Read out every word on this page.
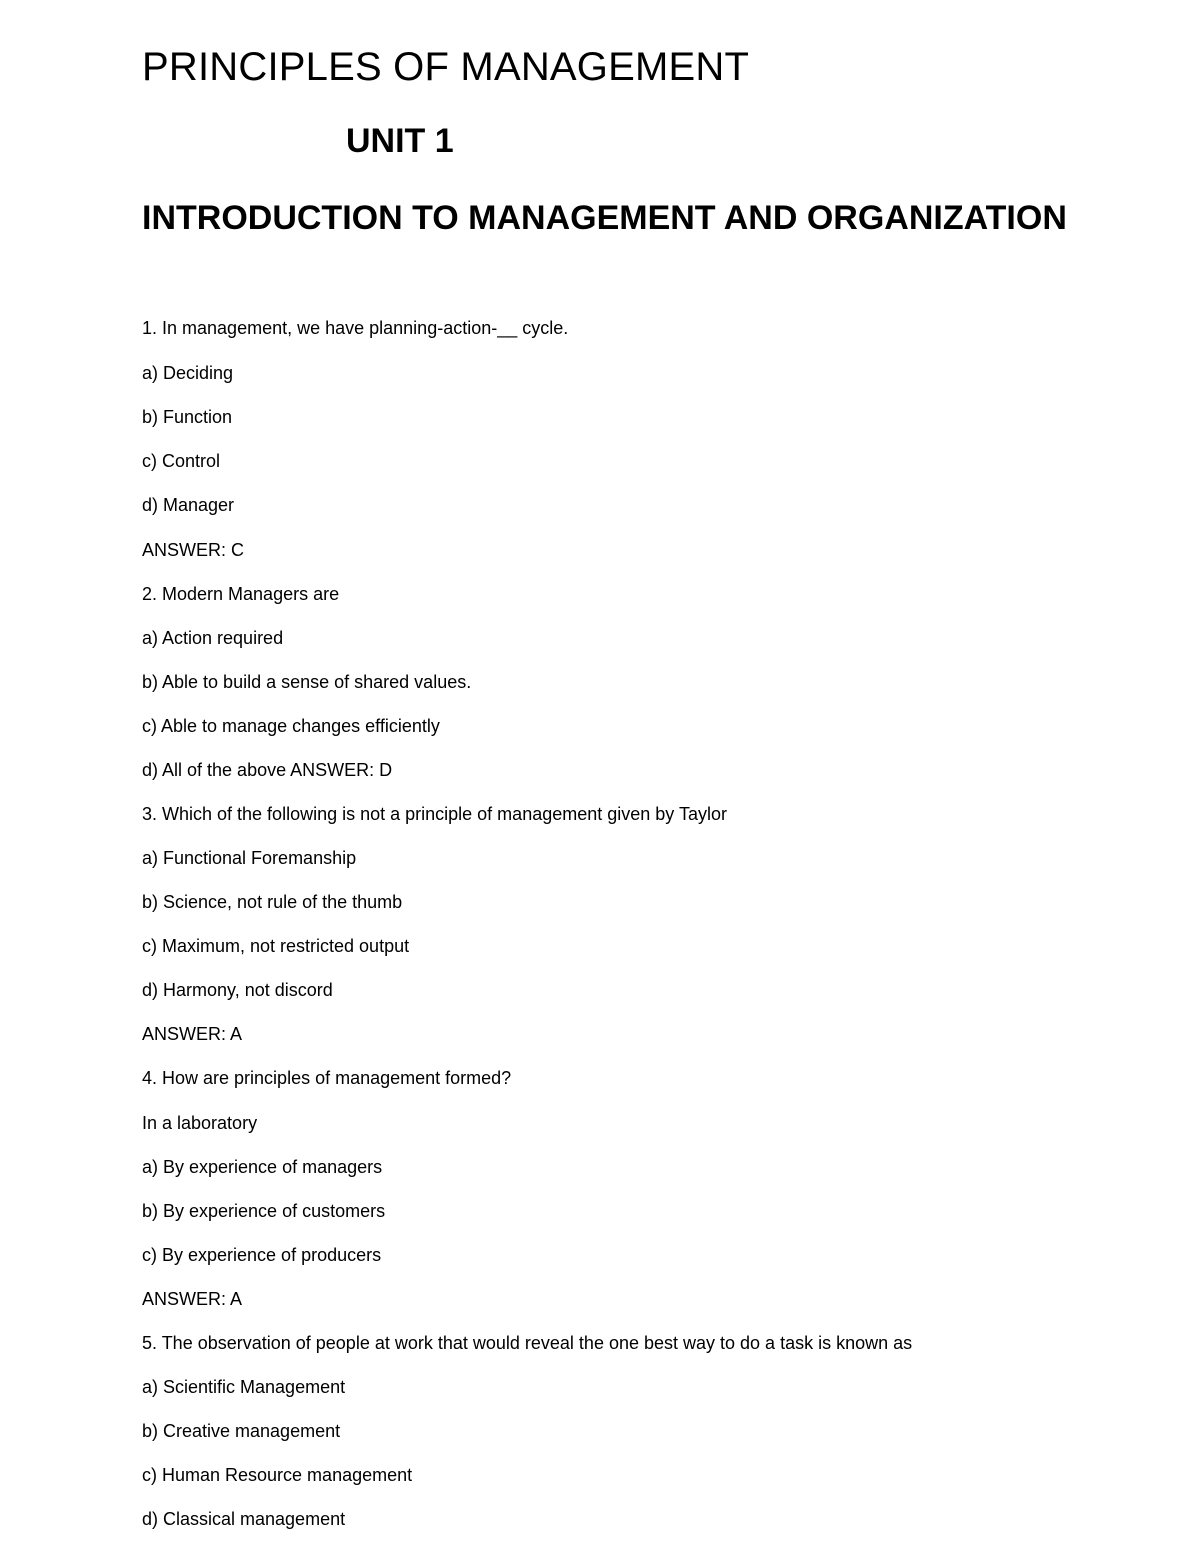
PRINCIPLES OF MANAGEMENT
UNIT 1
INTRODUCTION TO MANAGEMENT AND ORGANIZATION
1. In management, we have planning-action-__ cycle.
a) Deciding
b) Function
c) Control
d) Manager
ANSWER: C
2. Modern Managers are
a) Action required
b) Able to build a sense of shared values.
c) Able to manage changes efficiently
d) All of the above ANSWER: D
3. Which of the following is not a principle of management given by Taylor
a) Functional Foremanship
b) Science, not rule of the thumb
c) Maximum, not restricted output
d) Harmony, not discord
ANSWER: A
4. How are principles of management formed?
In a laboratory
a) By experience of managers
b) By experience of customers
c) By experience of producers
ANSWER: A
5. The observation of people at work that would reveal the one best way to do a task is known as
a) Scientific Management
b) Creative management
c) Human Resource management
d) Classical management
